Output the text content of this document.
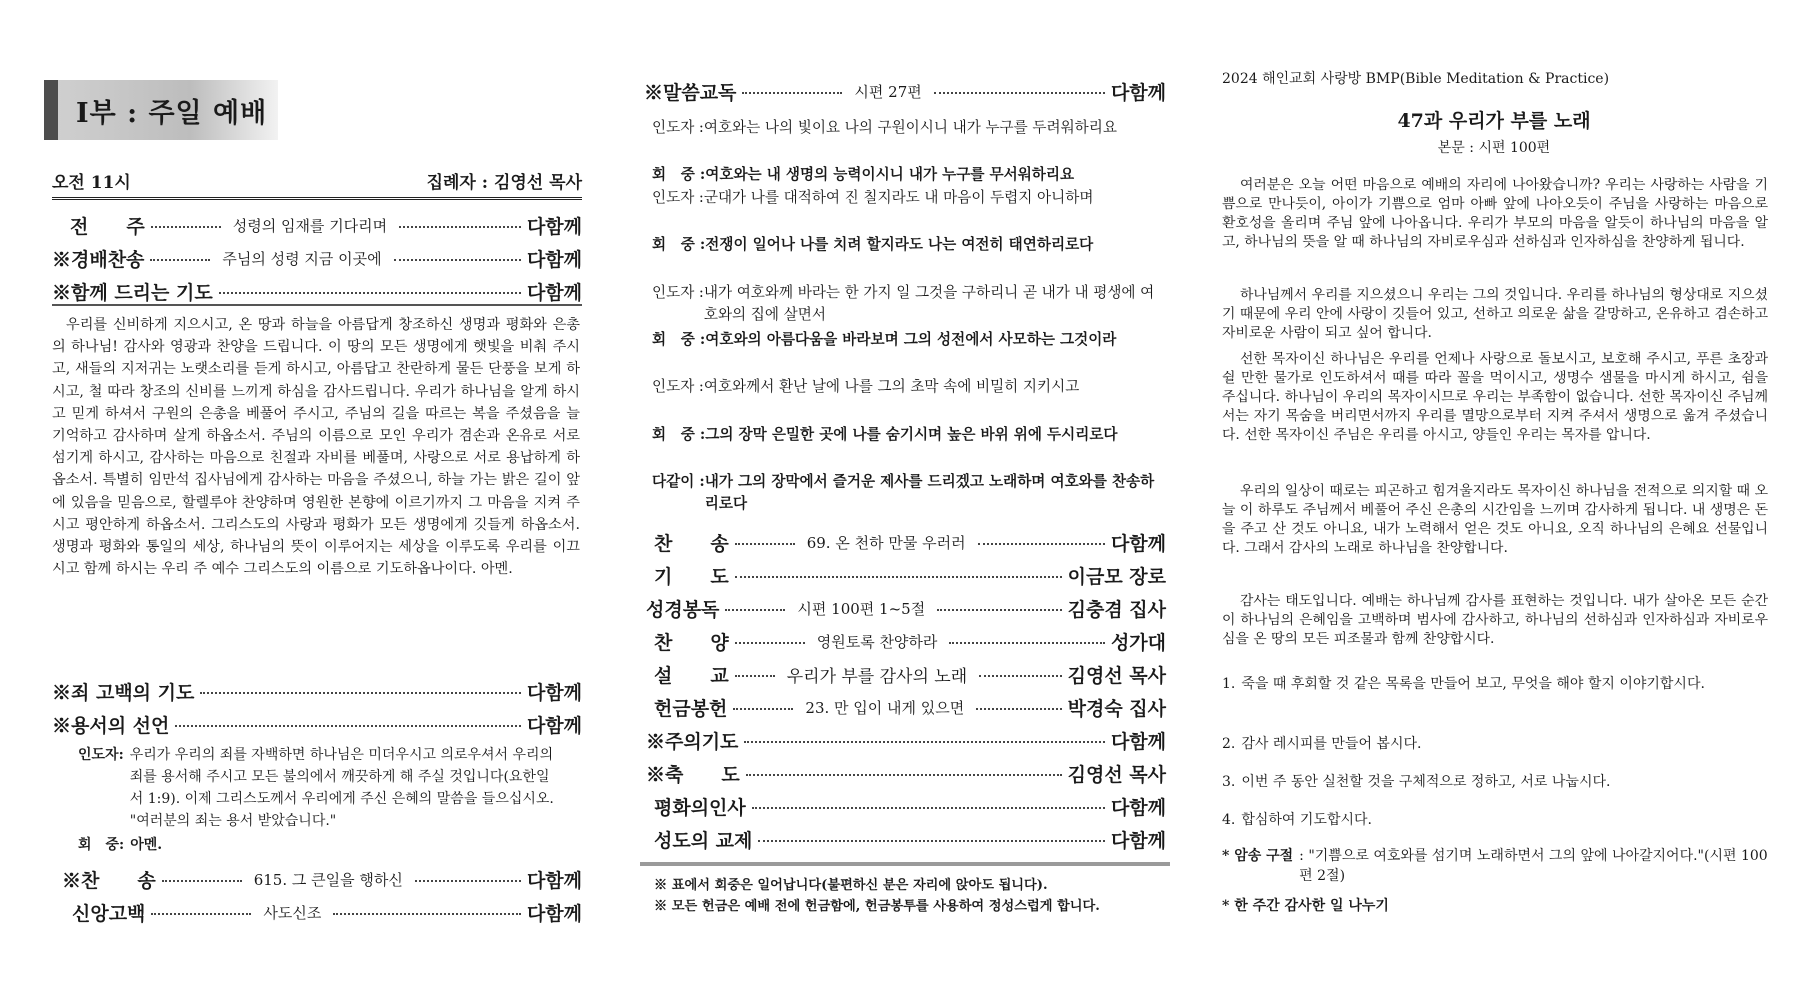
I부 : 주일 예배
오전 11시	집례자 : 김영선 목사
전　　주	성령의 임재를 기다리며	다함께
※경배찬송	주님의 성령 지금 이곳에	다함께
※함께 드리는 기도	다함께
우리를 신비하게 지으시고, 온 땅과 하늘을 아름답게 창조하신 생명과 평화와 은총의 하나님! 감사와 영광과 찬양을 드립니다. 이 땅의 모든 생명에게 햇빛을 비춰 주시고, 새들의 지저귀는 노랫소리를 듣게 하시고, 아름답고 찬란하게 물든 단풍을 보게 하시고, 철 따라 창조의 신비를 느끼게 하심을 감사드립니다. 우리가 하나님을 알게 하시고 믿게 하셔서 구원의 은총을 베풀어 주시고, 주님의 길을 따르는 복을 주셨음을 늘 기억하고 감사하며 살게 하옵소서. 주님의 이름으로 모인 우리가 겸손과 온유로 서로 섬기게 하시고, 감사하는 마음으로 친절과 자비를 베풀며, 사랑으로 서로 용납하게 하옵소서. 특별히 임만석 집사님에게 감사하는 마음을 주셨으니, 하늘 가는 밝은 길이 앞에 있음을 믿음으로, 할렐루야 찬양하며 영원한 본향에 이르기까지 그 마음을 지켜 주시고 평안하게 하옵소서. 그리스도의 사랑과 평화가 모든 생명에게 깃들게 하옵소서. 생명과 평화와 통일의 세상, 하나님의 뜻이 이루어지는 세상을 이루도록 우리를 이끄시고 함께 하시는 우리 주 예수 그리스도의 이름으로 기도하옵나이다. 아멘.
※죄 고백의 기도	다함께
※용서의 선언	다함께
인도자: 우리가 우리의 죄를 자백하면 하나님은 미더우시고 의로우셔서 우리의 죄를 용서해 주시고 모든 불의에서 깨끗하게 해 주실 것입니다(요한일서 1:9). 이제 그리스도께서 우리에게 주신 은혜의 말씀을 들으십시오. "여러분의 죄는 용서 받았습니다."
회　중: 아멘.
※찬　　송	615. 그 큰일을 행하신	다함께
신앙고백	사도신조	다함께
※말씀교독	시편 27편	다함께
인도자 : 여호와는 나의 빛이요 나의 구원이시니 내가 누구를 두려워하리요
회　중 : 여호와는 내 생명의 능력이시니 내가 누구를 무서워하리요
인도자 : 군대가 나를 대적하여 진 칠지라도 내 마음이 두렵지 아니하며
회　중 : 전쟁이 일어나 나를 치려 할지라도 나는 여전히 태연하리로다
인도자 : 내가 여호와께 바라는 한 가지 일 그것을 구하리니 곧 내가 내 평생에 여호와의 집에 살면서
회　중 : 여호와의 아름다움을 바라보며 그의 성전에서 사모하는 그것이라
인도자 : 여호와께서 환난 날에 나를 그의 초막 속에 비밀히 지키시고
회　중 : 그의 장막 은밀한 곳에 나를 숨기시며 높은 바위 위에 두시리로다
다같이 : 내가 그의 장막에서 즐거운 제사를 드리겠고 노래하며 여호와를 찬송하리로다
찬　　송	69. 온 천하 만물 우러러	다함께
기　　도	이금모 장로
성경봉독	시편 100편 1~5절	김충겸 집사
찬　　양	영원토록 찬양하라	성가대
설　　교	우리가 부를 감사의 노래	김영선 목사
헌금봉헌	23. 만 입이 내게 있으면	박경숙 집사
※주의기도	다함께
※축　　도	김영선 목사
평화의인사	다함께
성도의 교제	다함께
※ 표에서 회중은 일어납니다(불편하신 분은 자리에 앉아도 됩니다).
※ 모든 헌금은 예배 전에 헌금함에, 헌금봉투를 사용하여 정성스럽게 합니다.
2024 해인교회 사랑방 BMP(Bible Meditation & Practice)
47과 우리가 부를 노래
본문 : 시편 100편
여러분은 오늘 어떤 마음으로 예배의 자리에 나아왔습니까? 우리는 사랑하는 사람을 기쁨으로 만나듯이, 아이가 기쁨으로 엄마 아빠 앞에 나아오듯이 주님을 사랑하는 마음으로 환호성을 올리며 주님 앞에 나아옵니다. 우리가 부모의 마음을 알듯이 하나님의 마음을 알고, 하나님의 뜻을 알 때 하나님의 자비로우심과 선하심과 인자하심을 찬양하게 됩니다.
하나님께서 우리를 지으셨으니 우리는 그의 것입니다. 우리를 하나님의 형상대로 지으셨기 때문에 우리 안에 사랑이 깃들어 있고, 선하고 의로운 삶을 갈망하고, 온유하고 겸손하고 자비로운 사람이 되고 싶어 합니다.
선한 목자이신 하나님은 우리를 언제나 사랑으로 돌보시고, 보호해 주시고, 푸른 초장과 쉴 만한 물가로 인도하셔서 때를 따라 꼴을 먹이시고, 생명수 샘물을 마시게 하시고, 쉼을 주십니다. 하나님이 우리의 목자이시므로 우리는 부족함이 없습니다. 선한 목자이신 주님께서는 자기 목숨을 버리면서까지 우리를 멸망으로부터 지켜 주셔서 생명으로 옮겨 주셨습니다. 선한 목자이신 주님은 우리를 아시고, 양들인 우리는 목자를 압니다.
우리의 일상이 때로는 피곤하고 힘겨울지라도 목자이신 하나님을 전적으로 의지할 때 오늘 이 하루도 주님께서 베풀어 주신 은총의 시간임을 느끼며 감사하게 됩니다. 내 생명은 돈을 주고 산 것도 아니요, 내가 노력해서 얻은 것도 아니요, 오직 하나님의 은혜요 선물입니다. 그래서 감사의 노래로 하나님을 찬양합니다.
감사는 태도입니다. 예배는 하나님께 감사를 표현하는 것입니다. 내가 살아온 모든 순간이 하나님의 은혜임을 고백하며 범사에 감사하고, 하나님의 선하심과 인자하심과 자비로우심을 온 땅의 모든 피조물과 함께 찬양합시다.
1. 죽을 때 후회할 것 같은 목록을 만들어 보고, 무엇을 해야 할지 이야기합시다.
2. 감사 레시피를 만들어 봅시다.
3. 이번 주 동안 실천할 것을 구체적으로 정하고, 서로 나눕시다.
4. 합심하여 기도합시다.
* 암송 구절 : "기쁨으로 여호와를 섬기며 노래하면서 그의 앞에 나아갈지어다."(시편 100편 2절)
* 한 주간 감사한 일 나누기
